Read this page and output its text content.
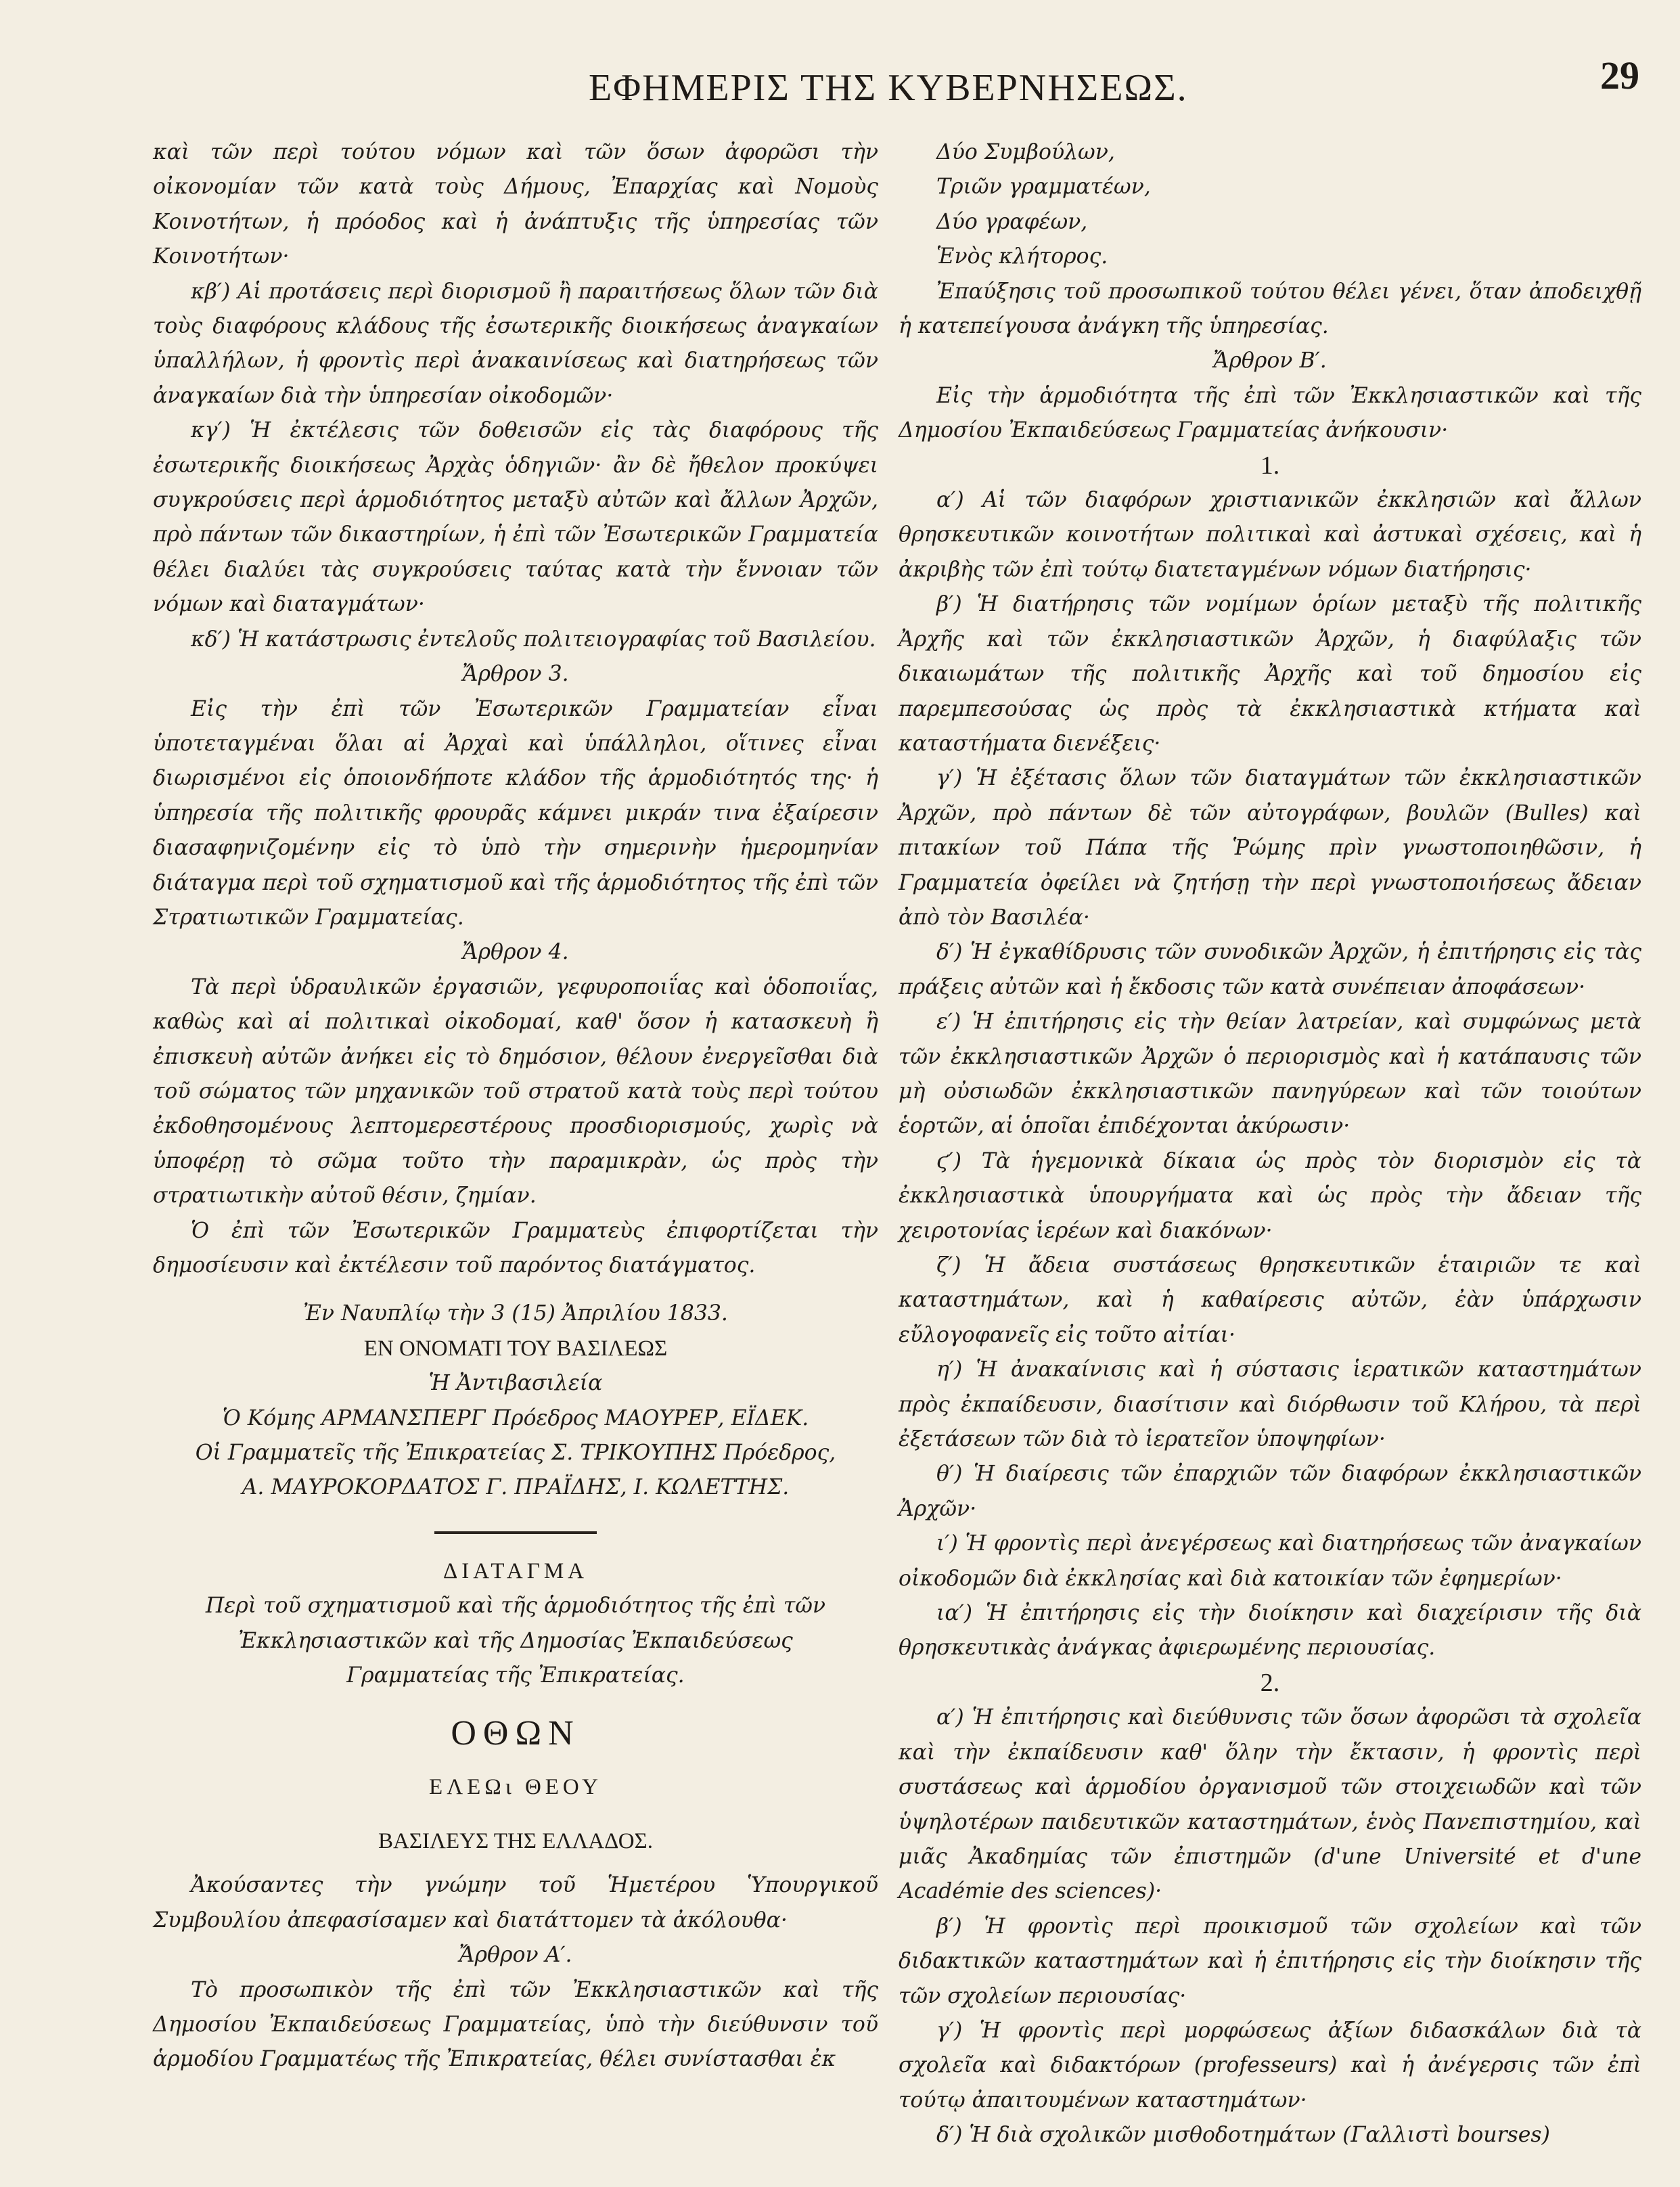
ΕΦΗΜΕΡΙΣ ΤΗΣ ΚΥΒΕΡΝΗΣΕΩΣ.	29

καὶ τῶν περὶ τούτου νόμων καὶ τῶν ὅσων ἀφορῶσι τὴν οἰκονομίαν τῶν κατὰ τοὺς Δήμους, Ἐπαρχίας καὶ Νομοὺς Κοινοτήτων, ἡ πρόοδος καὶ ἡ ἀνάπτυξις τῆς ὑπηρεσίας τῶν Κοινοτήτων·

κβ′) Αἱ προτάσεις περὶ διορισμοῦ ἢ παραιτήσεως ὅλων τῶν διὰ τοὺς διαφόρους κλάδους τῆς ἐσωτερικῆς διοικήσεως ἀναγκαίων ὑπαλλήλων, ἡ φροντὶς περὶ ἀνακαινίσεως καὶ διατηρήσεως τῶν ἀναγκαίων διὰ τὴν ὑπηρεσίαν οἰκοδομῶν·

κγ′) Ἡ ἐκτέλεσις τῶν δοθεισῶν εἰς τὰς διαφόρους τῆς ἐσωτερικῆς διοικήσεως Ἀρχὰς ὁδηγιῶν· ἂν δὲ ἤθελον προκύψει συγκρούσεις περὶ ἁρμοδιότητος μεταξὺ αὐτῶν καὶ ἄλλων Ἀρχῶν, πρὸ πάντων τῶν δικαστηρίων, ἡ ἐπὶ τῶν Ἐσωτερικῶν Γραμματεία θέλει διαλύει τὰς συγκρούσεις ταύτας κατὰ τὴν ἔννοιαν τῶν νόμων καὶ διαταγμάτων·

κδ′) Ἡ κατάστρωσις ἐντελοῦς πολιτειογραφίας τοῦ Βασιλείου.

Ἄρθρον 3.

Εἰς τὴν ἐπὶ τῶν Ἐσωτερικῶν Γραμματείαν εἶναι ὑποτεταγμέναι ὅλαι αἱ Ἀρχαὶ καὶ ὑπάλληλοι, οἵτινες εἶναι διωρισμένοι εἰς ὁποιονδήποτε κλάδον τῆς ἁρμοδιότητός της· ἡ ὑπηρεσία τῆς πολιτικῆς φρουρᾶς κάμνει μικράν τινα ἐξαίρεσιν διασαφηνιζομένην εἰς τὸ ὑπὸ τὴν σημερινὴν ἡμερομηνίαν διάταγμα περὶ τοῦ σχηματισμοῦ καὶ τῆς ἁρμοδιότητος τῆς ἐπὶ τῶν Στρατιωτικῶν Γραμματείας.

Ἄρθρον 4.

Τὰ περὶ ὑδραυλικῶν ἐργασιῶν, γεφυροποιΐας καὶ ὁδοποιΐας, καθὼς καὶ αἱ πολιτικαὶ οἰκοδομαί, καθ' ὅσον ἡ κατασκευὴ ἢ ἐπισκευὴ αὐτῶν ἀνήκει εἰς τὸ δημόσιον, θέλουν ἐνεργεῖσθαι διὰ τοῦ σώματος τῶν μηχανικῶν τοῦ στρατοῦ κατὰ τοὺς περὶ τούτου ἐκδοθησομένους λεπτομερεστέρους προσδιορισμούς, χωρὶς νὰ ὑποφέρῃ τὸ σῶμα τοῦτο τὴν παραμικρὰν, ὡς πρὸς τὴν στρατιωτικὴν αὐτοῦ θέσιν, ζημίαν.

Ὁ ἐπὶ τῶν Ἐσωτερικῶν Γραμματεὺς ἐπιφορτίζεται τὴν δημοσίευσιν καὶ ἐκτέλεσιν τοῦ παρόντος διατάγματος.

Ἐν Ναυπλίῳ τὴν 3 (15) Ἀπριλίου 1833.

ΕΝ ΟΝΟΜΑΤΙ ΤΟΥ ΒΑΣΙΛΕΩΣ

Ἡ Ἀντιβασιλεία

Ὁ Κόμης ΑΡΜΑΝΣΠΕΡΓ Πρόεδρος ΜΑΟΥΡΕΡ, ΕΪΔΕΚ.

Οἱ Γραμματεῖς τῆς Ἐπικρατείας Σ. ΤΡΙΚΟΥΠΗΣ Πρόεδρος,

Α. ΜΑΥΡΟΚΟΡΔΑΤΟΣ Γ. ΠΡΑΪΔΗΣ, Ι. ΚΩΛΕΤΤΗΣ.

ΔΙΑΤΑΓΜΑ

Περὶ τοῦ σχηματισμοῦ καὶ τῆς ἁρμοδιότητος τῆς ἐπὶ τῶν Ἐκκλησιαστικῶν καὶ τῆς Δημοσίας Ἐκπαιδεύσεως Γραμματείας τῆς Ἐπικρατείας.

ΟΘΩΝ

ΕΛΕΩι ΘΕΟΥ

ΒΑΣΙΛΕΥΣ ΤΗΣ ΕΛΛΑΔΟΣ.

Ἀκούσαντες τὴν γνώμην τοῦ Ἡμετέρου Ὑπουργικοῦ Συμβουλίου ἀπεφασίσαμεν καὶ διατάττομεν τὰ ἀκόλουθα·

Ἄρθρον Α′.

Τὸ προσωπικὸν τῆς ἐπὶ τῶν Ἐκκλησιαστικῶν καὶ τῆς Δημοσίου Ἐκπαιδεύσεως Γραμματείας, ὑπὸ τὴν διεύθυνσιν τοῦ ἁρμοδίου Γραμματέως τῆς Ἐπικρατείας, θέλει συνίστασθαι ἐκ

Δύο Συμβούλων,

Τριῶν γραμματέων,

Δύο γραφέων,

Ἑνὸς κλήτορος.

Ἐπαύξησις τοῦ προσωπικοῦ τούτου θέλει γένει, ὅταν ἀποδειχθῇ ἡ κατεπείγουσα ἀνάγκη τῆς ὑπηρεσίας.

Ἄρθρον Β′.

Εἰς τὴν ἁρμοδιότητα τῆς ἐπὶ τῶν Ἐκκλησιαστικῶν καὶ τῆς Δημοσίου Ἐκπαιδεύσεως Γραμματείας ἀνήκουσιν·

1.

α′) Αἱ τῶν διαφόρων χριστιανικῶν ἐκκλησιῶν καὶ ἄλλων θρησκευτικῶν κοινοτήτων πολιτικαὶ καὶ ἀστυκαὶ σχέσεις, καὶ ἡ ἀκριβὴς τῶν ἐπὶ τούτῳ διατεταγμένων νόμων διατήρησις·

β′) Ἡ διατήρησις τῶν νομίμων ὁρίων μεταξὺ τῆς πολιτικῆς Ἀρχῆς καὶ τῶν ἐκκλησιαστικῶν Ἀρχῶν, ἡ διαφύλαξις τῶν δικαιωμάτων τῆς πολιτικῆς Ἀρχῆς καὶ τοῦ δημοσίου εἰς παρεμπεσούσας ὡς πρὸς τὰ ἐκκλησιαστικὰ κτήματα καὶ καταστήματα διενέξεις·

γ′) Ἡ ἐξέτασις ὅλων τῶν διαταγμάτων τῶν ἐκκλησιαστικῶν Ἀρχῶν, πρὸ πάντων δὲ τῶν αὐτογράφων, βουλῶν (Bulles) καὶ πιτακίων τοῦ Πάπα τῆς Ῥώμης πρὶν γνωστοποιηθῶσιν, ἡ Γραμματεία ὀφείλει νὰ ζητήσῃ τὴν περὶ γνωστοποιήσεως ἄδειαν ἀπὸ τὸν Βασιλέα·

δ′) Ἡ ἐγκαθίδρυσις τῶν συνοδικῶν Ἀρχῶν, ἡ ἐπιτήρησις εἰς τὰς πράξεις αὐτῶν καὶ ἡ ἔκδοσις τῶν κατὰ συνέπειαν ἀποφάσεων·

ε′) Ἡ ἐπιτήρησις εἰς τὴν θείαν λατρείαν, καὶ συμφώνως μετὰ τῶν ἐκκλησιαστικῶν Ἀρχῶν ὁ περιορισμὸς καὶ ἡ κατάπαυσις τῶν μὴ οὐσιωδῶν ἐκκλησιαστικῶν πανηγύρεων καὶ τῶν τοιούτων ἑορτῶν, αἱ ὁποῖαι ἐπιδέχονται ἀκύρωσιν·

ϛ′) Τὰ ἡγεμονικὰ δίκαια ὡς πρὸς τὸν διορισμὸν εἰς τὰ ἐκκλησιαστικὰ ὑπουργήματα καὶ ὡς πρὸς τὴν ἄδειαν τῆς χειροτονίας ἱερέων καὶ διακόνων·

ζ′) Ἡ ἄδεια συστάσεως θρησκευτικῶν ἑταιριῶν τε καὶ καταστημάτων, καὶ ἡ καθαίρεσις αὐτῶν, ἐὰν ὑπάρχωσιν εὔλογοφανεῖς εἰς τοῦτο αἰτίαι·

η′) Ἡ ἀνακαίνισις καὶ ἡ σύστασις ἱερατικῶν καταστημάτων πρὸς ἐκπαίδευσιν, διασίτισιν καὶ διόρθωσιν τοῦ Κλήρου, τὰ περὶ ἐξετάσεων τῶν διὰ τὸ ἱερατεῖον ὑποψηφίων·

θ′) Ἡ διαίρεσις τῶν ἐπαρχιῶν τῶν διαφόρων ἐκκλησιαστικῶν Ἀρχῶν·

ι′) Ἡ φροντὶς περὶ ἀνεγέρσεως καὶ διατηρήσεως τῶν ἀναγκαίων οἰκοδομῶν διὰ ἐκκλησίας καὶ διὰ κατοικίαν τῶν ἐφημερίων·

ια′) Ἡ ἐπιτήρησις εἰς τὴν διοίκησιν καὶ διαχείρισιν τῆς διὰ θρησκευτικὰς ἀνάγκας ἀφιερωμένης περιουσίας.

2.

α′) Ἡ ἐπιτήρησις καὶ διεύθυνσις τῶν ὅσων ἀφορῶσι τὰ σχολεῖα καὶ τὴν ἐκπαίδευσιν καθ' ὅλην τὴν ἔκτασιν, ἡ φροντὶς περὶ συστάσεως καὶ ἁρμοδίου ὀργανισμοῦ τῶν στοιχειωδῶν καὶ τῶν ὑψηλοτέρων παιδευτικῶν καταστημάτων, ἑνὸς Πανεπιστημίου, καὶ μιᾶς Ἀκαδημίας τῶν ἐπιστημῶν (d'une Université et d'une Académie des sciences)·

β′) Ἡ φροντὶς περὶ προικισμοῦ τῶν σχολείων καὶ τῶν διδακτικῶν καταστημάτων καὶ ἡ ἐπιτήρησις εἰς τὴν διοίκησιν τῆς τῶν σχολείων περιουσίας·

γ′) Ἡ φροντὶς περὶ μορφώσεως ἀξίων διδασκάλων διὰ τὰ σχολεῖα καὶ διδακτόρων (professeurs) καὶ ἡ ἀνέγερσις τῶν ἐπὶ τούτῳ ἀπαιτουμένων καταστημάτων·

δ′) Ἡ διὰ σχολικῶν μισθοδοτημάτων (Γαλλιστὶ bourses)
